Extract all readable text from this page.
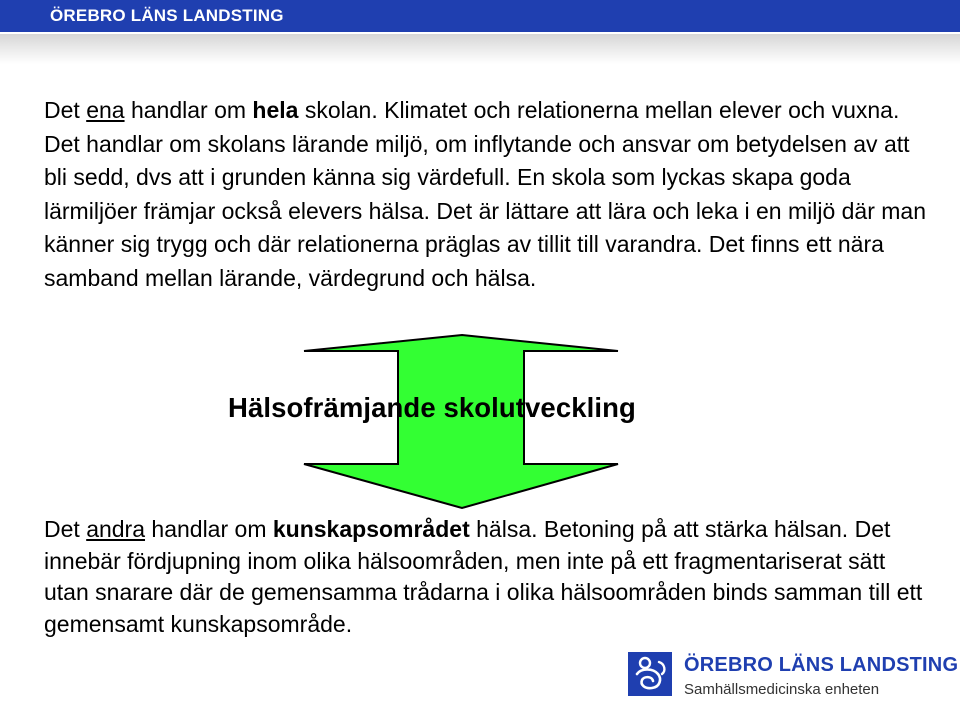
ÖREBRO LÄNS LANDSTING

Det ena handlar om hela skolan. Klimatet och relationerna mellan elever och vuxna. Det handlar om skolans lärande miljö, om inflytande och ansvar om betydelsen av att bli sedd, dvs att i grunden känna sig värdefull. En skola som lyckas skapa goda lärmiljöer främjar också elevers hälsa. Det är lättare att lära och leka i en miljö där man känner sig trygg och där relationerna präglas av tillit till varandra. Det finns ett nära samband mellan lärande, värdegrund och hälsa.

Hälsofrämjande skolutveckling

Det andra handlar om kunskapsområdet hälsa. Betoning på att stärka hälsan. Det innebär fördjupning inom olika hälsoområden, men inte på ett fragmentariserat sätt utan snarare där de gemensamma trådarna i olika hälsoområden binds samman till ett gemensamt kunskapsområde.

ÖREBRO LÄNS LANDSTING
Samhällsmedicinska enheten
